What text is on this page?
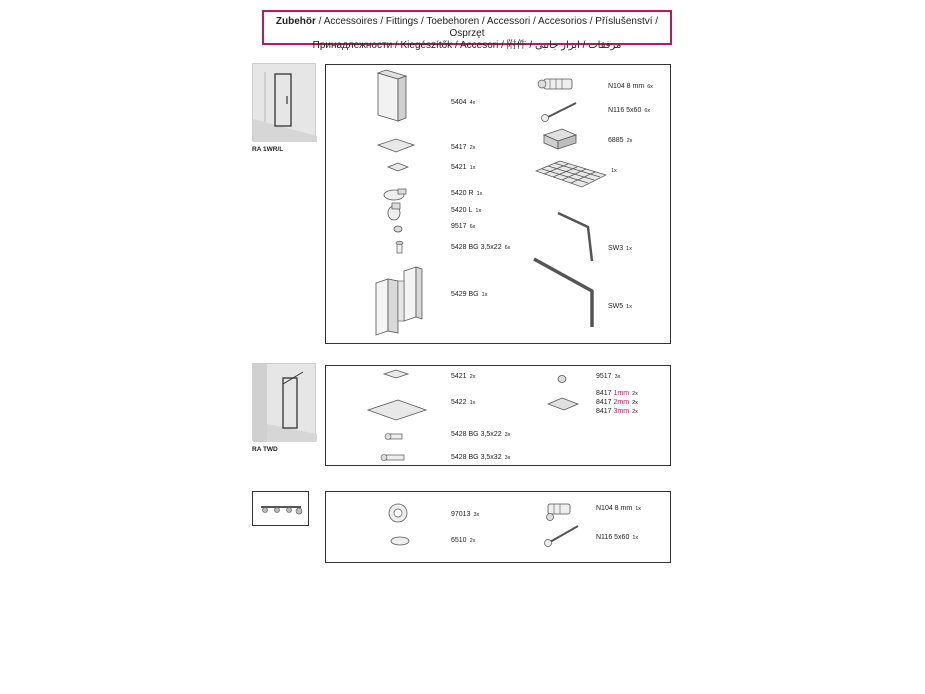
Zubehör / Accessoires / Fittings / Toebehoren / Accessori / Accesorios / Příslušenství / Osprzęt
Принадлежности / Kiegészítők / Accesori / 附件 / مرفقات / ابزار جانبی
RA 1WR/L
5404 4x
5417 2x
5421 1x
5420 R 1x
5420 L 1x
9517 6x
5428 BG 3,5x22 6x
5429 BG 1x
N104 8 mm 6x
N116 5x60 6x
6885 2x
1x
SW3 1x
SW5 1x
RA TWD
5421 2x
5422 1x
5428 BG 3,5x22 3x
5428 BG 3,5x32 3x
9517 3x
8417 1mm 2x
8417 2mm 2x
8417 3mm 2x
97013 3x
6510 2x
N104 8 mm 1x
N116 5x60 1x
